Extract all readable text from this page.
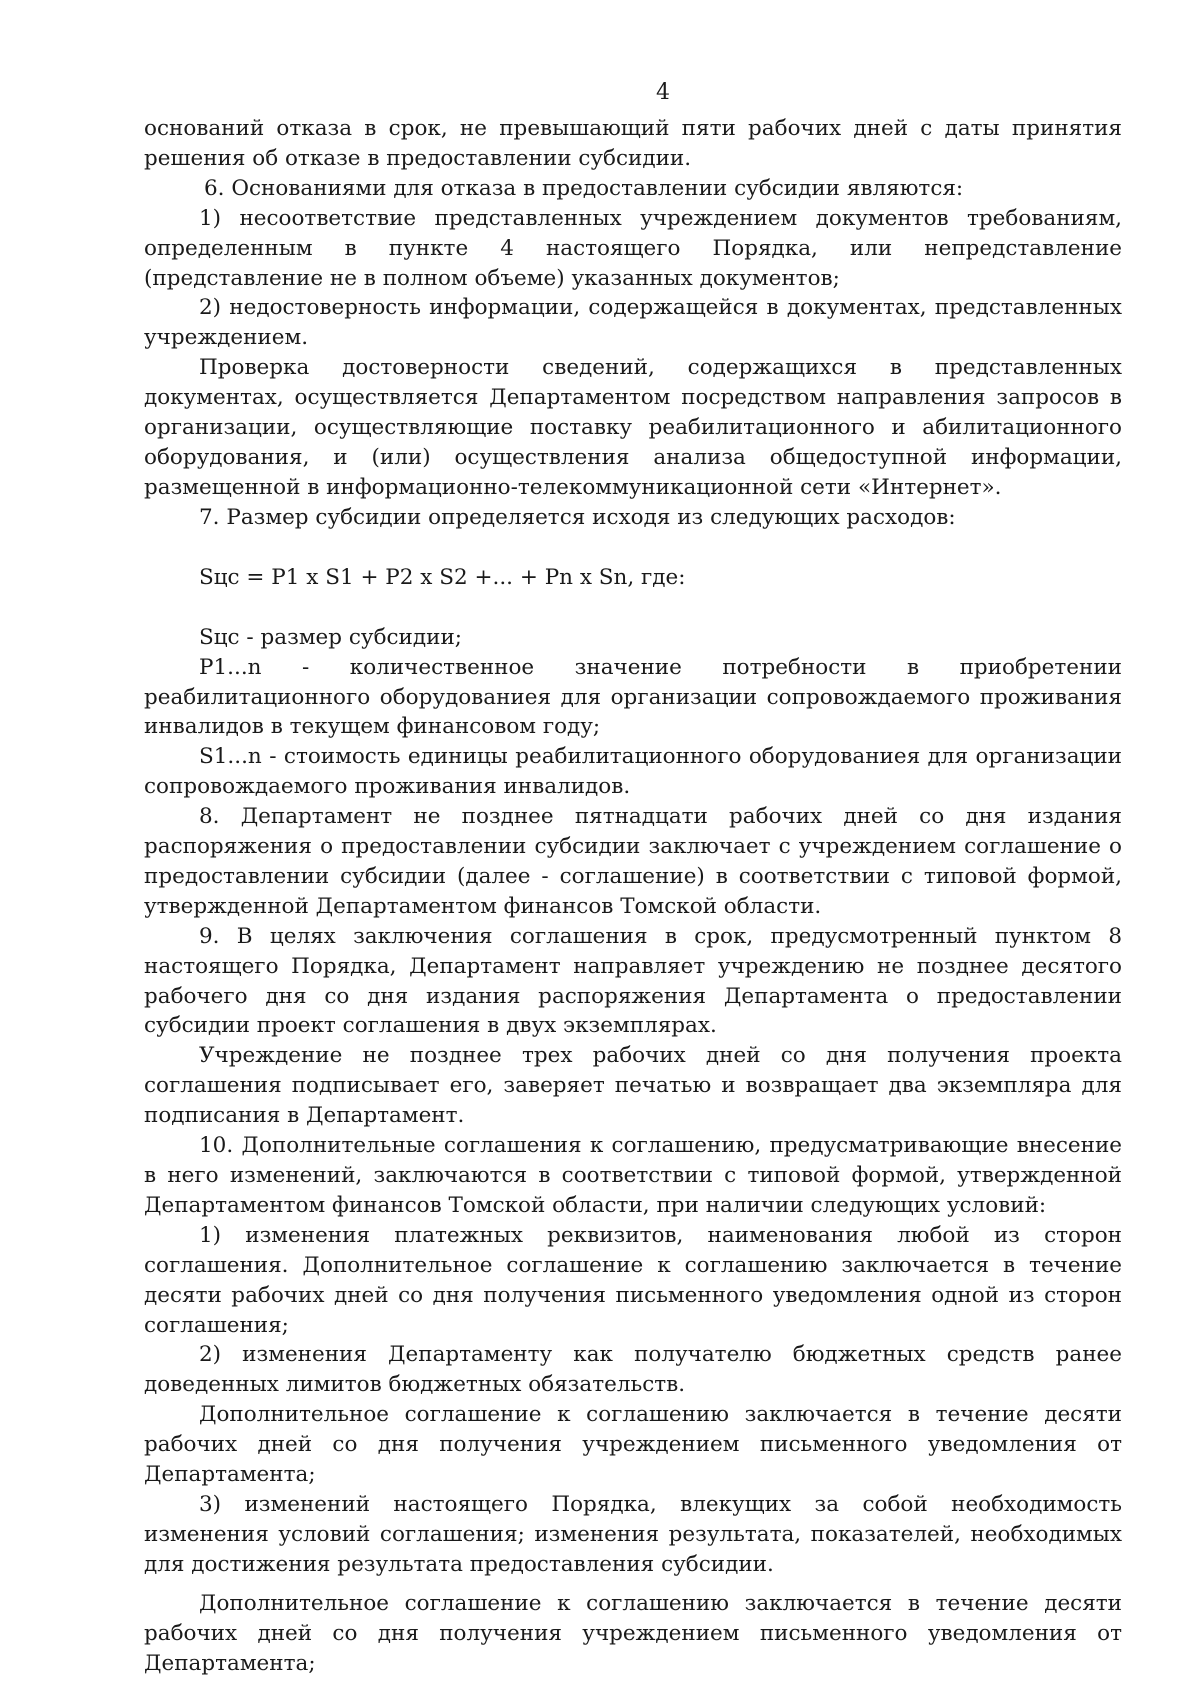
4

оснований отказа в срок, не превышающий пяти рабочих дней с даты принятия решения об отказе в предоставлении субсидии.

6. Основаниями для отказа в предоставлении субсидии являются:

1) несоответствие представленных учреждением документов требованиям, определенным в пункте 4 настоящего Порядка, или непредставление (представление не в полном объеме) указанных документов;

2) недостоверность информации, содержащейся в документах, представленных учреждением.

Проверка достоверности сведений, содержащихся в представленных документах, осуществляется Департаментом посредством направления запросов в организации, осуществляющие поставку реабилитационного и абилитационного оборудования, и (или) осуществления анализа общедоступной информации, размещенной в информационно-телекоммуникационной сети «Интернет».

7. Размер субсидии определяется исходя из следующих расходов:

Sцс = P1 x S1 + P2 x S2 +... + Pn x Sn, где:

Sцс - размер субсидии;

P1...n - количественное значение потребности в приобретении реабилитационного оборудованиея для организации сопровождаемого проживания инвалидов в текущем финансовом году;

S1...n - стоимость единицы реабилитационного оборудованиея для организации сопровождаемого проживания инвалидов.

8. Департамент не позднее пятнадцати рабочих дней со дня издания распоряжения о предоставлении субсидии заключает с учреждением соглашение о предоставлении субсидии (далее - соглашение) в соответствии с типовой формой, утвержденной Департаментом финансов Томской области.

9. В целях заключения соглашения в срок, предусмотренный пунктом 8 настоящего Порядка, Департамент направляет учреждению не позднее десятого рабочего дня со дня издания распоряжения Департамента о предоставлении субсидии проект соглашения в двух экземплярах.

Учреждение не позднее трех рабочих дней со дня получения проекта соглашения подписывает его, заверяет печатью и возвращает два экземпляра для подписания в Департамент.

10. Дополнительные соглашения к соглашению, предусматривающие внесение в него изменений, заключаются в соответствии с типовой формой, утвержденной Департаментом финансов Томской области, при наличии следующих условий:

1) изменения платежных реквизитов, наименования любой из сторон соглашения. Дополнительное соглашение к соглашению заключается в течение десяти рабочих дней со дня получения письменного уведомления одной из сторон соглашения;

2) изменения Департаменту как получателю бюджетных средств ранее доведенных лимитов бюджетных обязательств.

Дополнительное соглашение к соглашению заключается в течение десяти рабочих дней со дня получения учреждением письменного уведомления от Департамента;

3) изменений настоящего Порядка, влекущих за собой необходимость изменения условий соглашения; изменения результата, показателей, необходимых для достижения результата предоставления субсидии.

Дополнительное соглашение к соглашению заключается в течение десяти рабочих дней со дня получения учреждением письменного уведомления от Департамента;
